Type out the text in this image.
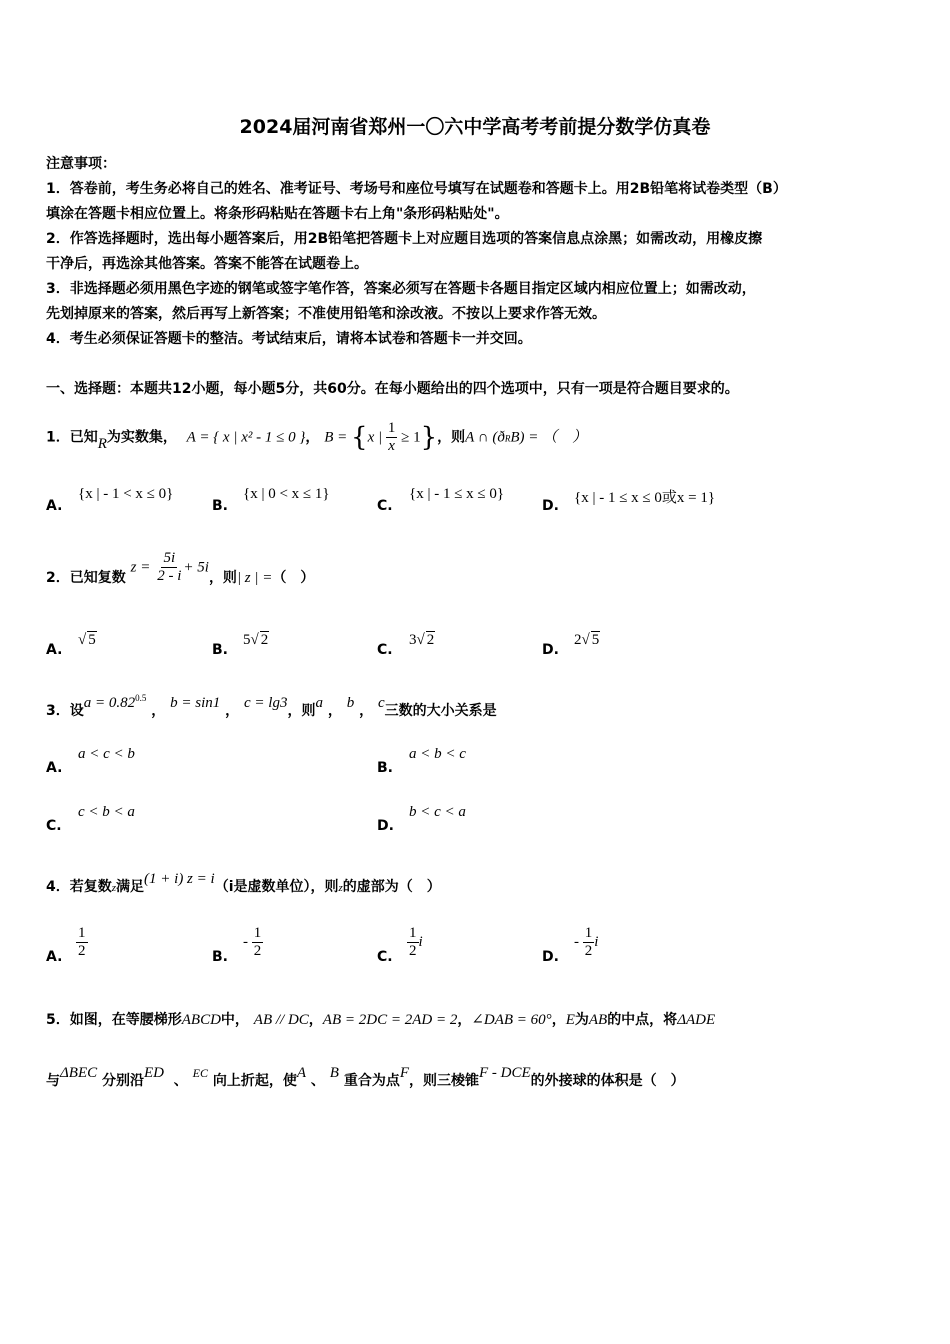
2024届河南省郑州一〇六中学高考考前提分数学仿真卷
注意事项：
1．答卷前，考生务必将自己的姓名、准考证号、考场号和座位号填写在试题卷和答题卡上。用2B铅笔将试卷类型（B）
填涂在答题卡相应位置上。将条形码粘贴在答题卡右上角"条形码粘贴处"。
2．作答选择题时，选出每小题答案后，用2B铅笔把答题卡上对应题目选项的答案信息点涂黑；如需改动，用橡皮擦
干净后，再选涂其他答案。答案不能答在试题卷上。
3．非选择题必须用黑色字迹的钢笔或签字笔作答，答案必须写在答题卡各题目指定区域内相应位置上；如需改动，
先划掉原来的答案，然后再写上新答案；不准使用铅笔和涂改液。不按以上要求作答无效。
4．考生必须保证答题卡的整洁。考试结束后，请将本试卷和答题卡一并交回。
一、选择题：本题共12小题，每小题5分，共60分。在每小题给出的四个选项中，只有一项是符合题目要求的。
1．已知R为实数集， A = { x | x² - 1 ≤ 0 }， B = {x | $\frac{1}{x} \ge 1$}，则A ∩ (ðRB) = （　）
A.
{x | - 1 < x ≤ 0}
B.
{x | 0 < x ≤ 1}
C.
{x | - 1 ≤ x ≤ 0}
D. {x | - 1 ≤ x ≤ 0或x = 1}
2．已知复数 $z = \frac{5i}{2 - i} + 5i$，则| z | =（　）
A.
√ 5
B.
5√ 2
C.
3√ 2
D.
2√ 5
3．设$a = 0.82^{0.5}$ ， b = sin1 ， c = lg3，则a ， b ， c三数的大小关系是
A.
a < c < b
B.
a < b < c
C.
c < b < a
D.
b < c < a
4．若复数z满足(1 + i) z = i（i是虚数单位），则z的虚部为（　）
A. $\frac{1}{2}$	B.
- $\frac{1}{2}$	C. $\frac{1}{2}$ i
D.
- $\frac{1}{2}$ i
5．如图，在等腰梯形ABCD中， AB // DC，AB = 2DC = 2AD = 2，∠DAB = 60°，E为AB的中点，将ΔADE
与ΔBEC 分别沿ED 、 EC 向上折起，使A 、 B 重合为点F，则三棱锥F - DCE的外接球的体积是（　）
